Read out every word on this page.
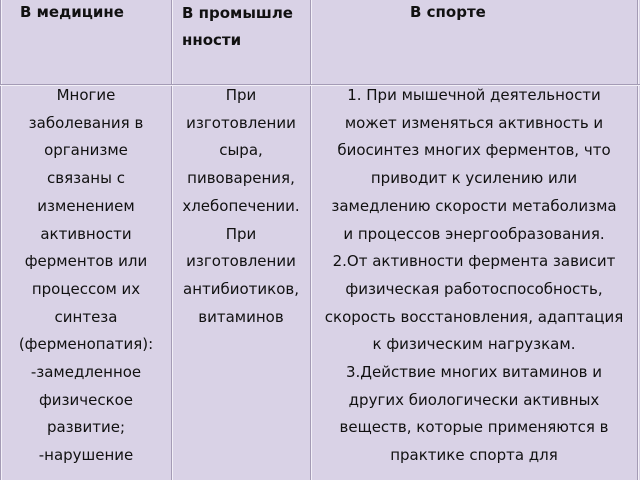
В медицине	В промышленности
В спорте

Многие

заболевания в

организме

связаны с

изменением

активности

ферментов или

процессом их

синтеза

(ферменопатия):

-замедленное

физическое

развитие;

-нарушение

При

изготовлении

сыра,

пивоварения,

хлебопечении.

При

изготовлении

антибиотиков,

витаминов

1. При мышечной деятельности

может изменяться активность и

биосинтез многих ферментов, что

приводит к усилению или

замедлению скорости метаболизма

и процессов энергообразования.

2.От активности фермента зависит

физическая работоспособность,

скорость восстановления, адаптация

к физическим нагрузкам.

3.Действие многих витаминов и

других биологически активных

веществ, которые применяются в

практике спорта для
